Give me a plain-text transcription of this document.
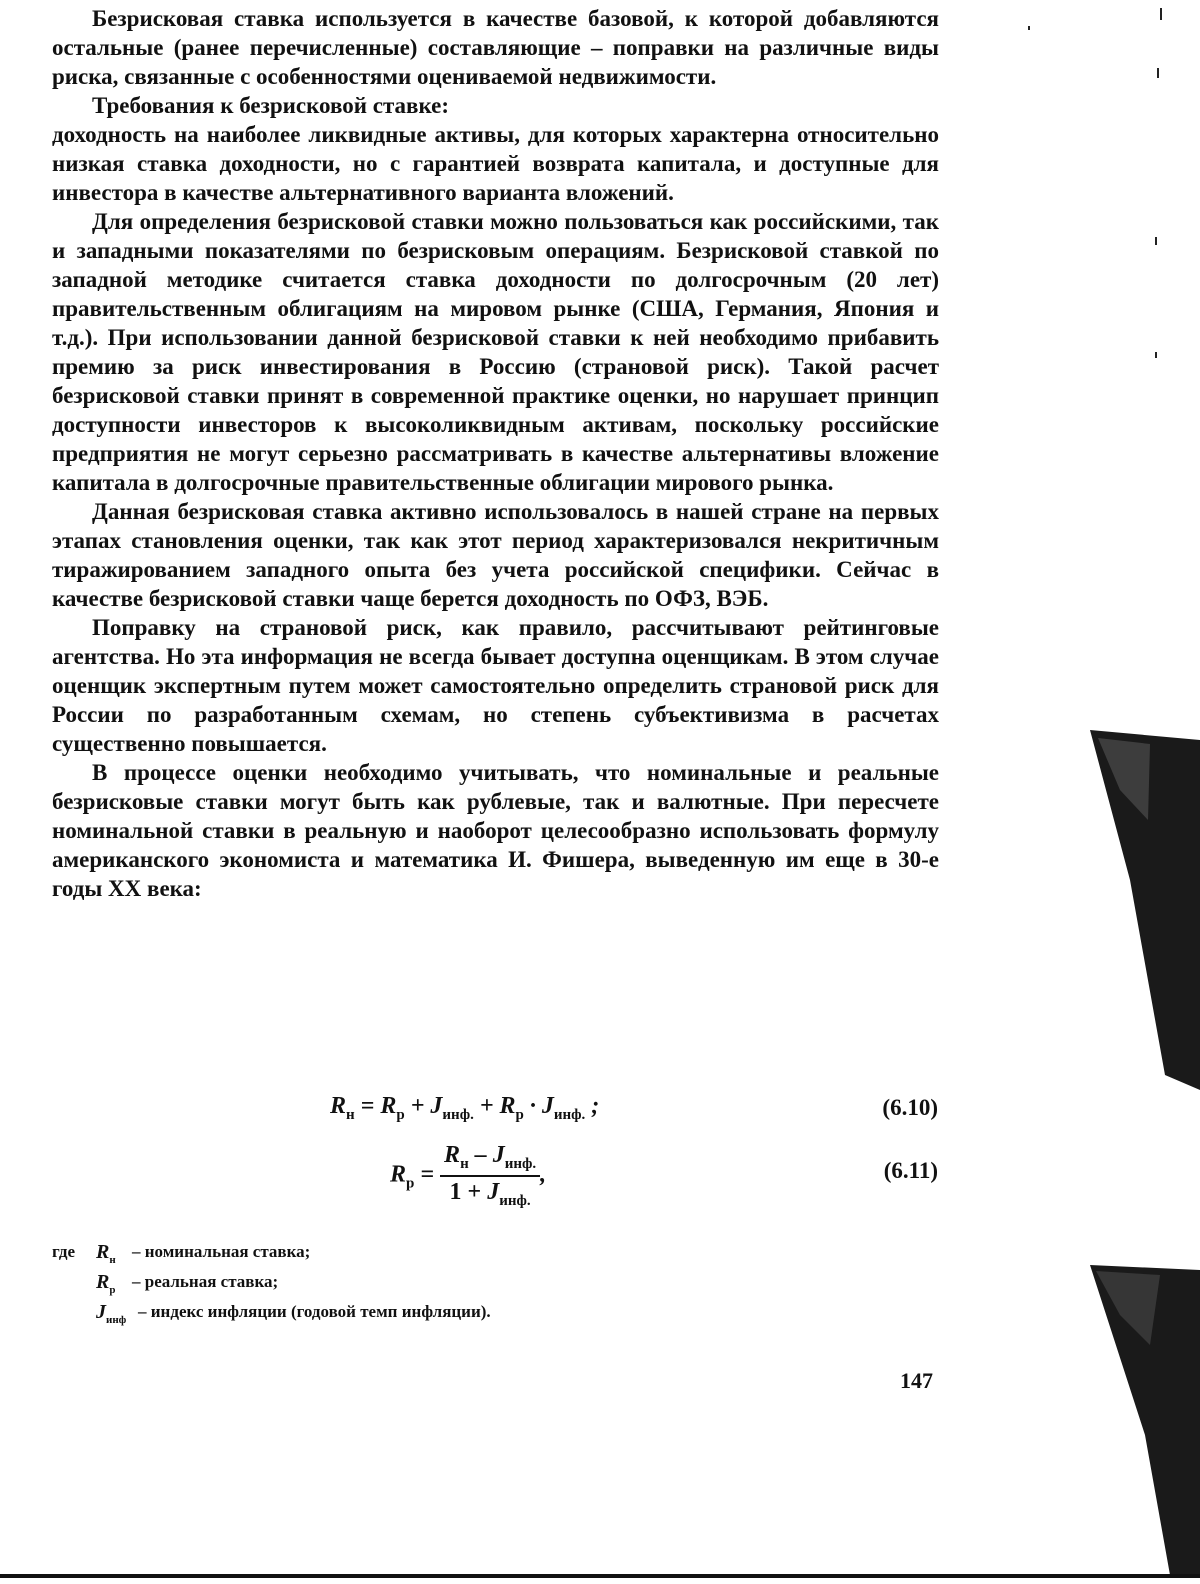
Безрисковая ставка используется в качестве базовой, к которой добавляются остальные (ранее перечисленные) составляющие – поправки на различные виды риска, связанные с особенностями оцениваемой недвижимости.

Требования к безрисковой ставке:

доходность на наиболее ликвидные активы, для которых характерна относительно низкая ставка доходности, но с гарантией возврата капитала, и доступные для инвестора в качестве альтернативного варианта вложений.

Для определения безрисковой ставки можно пользоваться как российскими, так и западными показателями по безрисковым операциям. Безрисковой ставкой по западной методике считается ставка доходности по долгосрочным (20 лет) правительственным облигациям на мировом рынке (США, Германия, Япония и т.д.). При использовании данной безрисковой ставки к ней необходимо прибавить премию за риск инвестирования в Россию (страновой риск). Такой расчет безрисковой ставки принят в современной практике оценки, но нарушает принцип доступности инвесторов к высоколиквидным активам, поскольку российские предприятия не могут серьезно рассматривать в качестве альтернативы вложение капитала в долгосрочные правительственные облигации мирового рынка.

Данная безрисковая ставка активно использовалось в нашей стране на первых этапах становления оценки, так как этот период характеризовался некритичным тиражированием западного опыта без учета российской специфики. Сейчас в качестве безрисковой ставки чаще берется доходность по ОФЗ, ВЭБ.

Поправку на страновой риск, как правило, рассчитывают рейтинговые агентства. Но эта информация не всегда бывает доступна оценщикам. В этом случае оценщик экспертным путем может самостоятельно определить страновой риск для России по разработанным схемам, но степень субъективизма в расчетах существенно повышается.

В процессе оценки необходимо учитывать, что номинальные и реальные безрисковые ставки могут быть как рублевые, так и валютные. При пересчете номинальной ставки в реальную и наоборот целесообразно использовать формулу американского экономиста и математика И. Фишера, выведенную им еще в 30-е годы XX века:

$R_н = R_р + J_{инф.} + R_р \cdot J_{инф.}$ ;	(6.10)
$R_р = \frac{R_н - J_{инф.}}{1 + J_{инф.}}$ ,	(6.11)
где $R_н$ – номинальная ставка;
$R_р$ – реальная ставка;
$J_{инф}$ – индекс инфляции (годовой темп инфляции).
147
